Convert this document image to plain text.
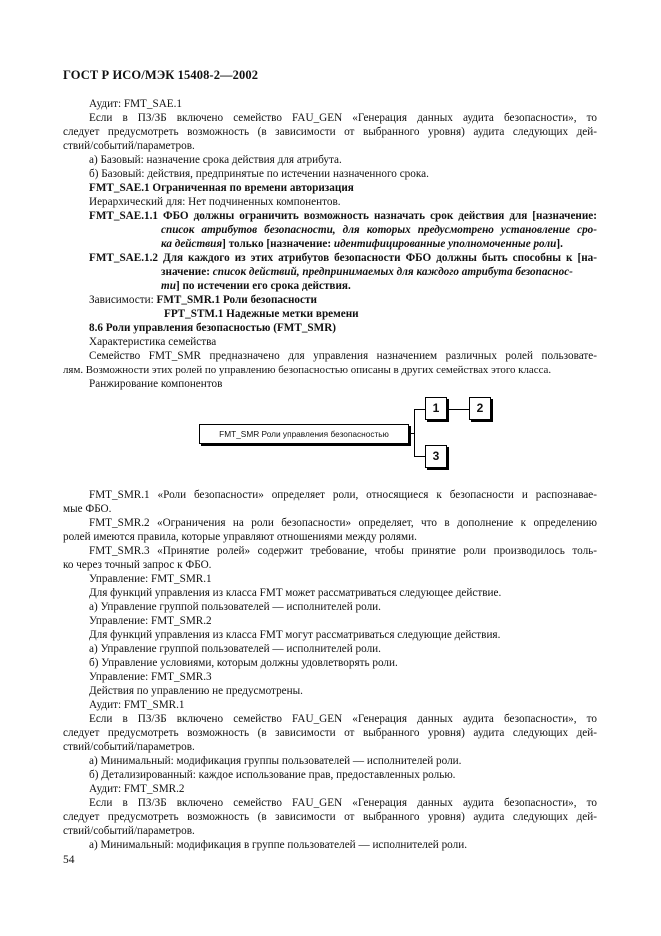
ГОСТ Р ИСО/МЭК 15408-2—2002
Аудит: FMT_SAE.1
Если в ПЗ/ЗБ включено семейство FAU_GEN «Генерация данных аудита безопасности», то
следует предусмотреть возможность (в зависимости от выбранного уровня) аудита следующих дей-
ствий/событий/параметров.
а) Базовый: назначение срока действия для атрибута.
б) Базовый: действия, предпринятые по истечении назначенного срока.
FMT_SAE.1 Ограниченная по времени авторизация
Иерархический для: Нет подчиненных компонентов.
FMT_SAE.1.1 ФБО должны ограничить возможность назначать срок действия для [назначение:
список атрибутов безопасности, для которых предусмотрено установление сро-
ка действия] только [назначение: идентифицированные уполномоченные роли].
FMT_SAE.1.2 Для каждого из этих атрибутов безопасности ФБО должны быть способны к [на-
значение: список действий, предпринимаемых для каждого атрибута безопаснос-
ти] по истечении его срока действия.
Зависимости: FMT_SMR.1 Роли безопасности
FPT_STM.1 Надежные метки времени
8.6 Роли управления безопасностью (FMT_SMR)
Характеристика семейства
Семейство FMT_SMR предназначено для управления назначением различных ролей пользовате-
лям. Возможности этих ролей по управлению безопасностью описаны в других семействах этого класса.
Ранжирование компонентов
FMT_SMR Роли управления безопасностью
1	2
3
FMT_SMR.1 «Роли безопасности» определяет роли, относящиеся к безопасности и распознавае-
мые ФБО.
FMT_SMR.2 «Ограничения на роли безопасности» определяет, что в дополнение к определению
ролей имеются правила, которые управляют отношениями между ролями.
FMT_SMR.3 «Принятие ролей» содержит требование, чтобы принятие роли производилось толь-
ко через точный запрос к ФБО.
Управление: FMT_SMR.1
Для функций управления из класса FMT может рассматриваться следующее действие.
а) Управление группой пользователей — исполнителей роли.
Управление: FMT_SMR.2
Для функций управления из класса FMT могут рассматриваться следующие действия.
а) Управление группой пользователей — исполнителей роли.
б) Управление условиями, которым должны удовлетворять роли.
Управление: FMT_SMR.3
Действия по управлению не предусмотрены.
Аудит: FMT_SMR.1
Если в ПЗ/ЗБ включено семейство FAU_GEN «Генерация данных аудита безопасности», то
следует предусмотреть возможность (в зависимости от выбранного уровня) аудита следующих дей-
ствий/событий/параметров.
а) Минимальный: модификация группы пользователей — исполнителей роли.
б) Детализированный: каждое использование прав, предоставленных ролью.
Аудит: FMT_SMR.2
Если в ПЗ/ЗБ включено семейство FAU_GEN «Генерация данных аудита безопасности», то
следует предусмотреть возможность (в зависимости от выбранного уровня) аудита следующих дей-
ствий/событий/параметров.
а) Минимальный: модификация в группе пользователей — исполнителей роли.
54
